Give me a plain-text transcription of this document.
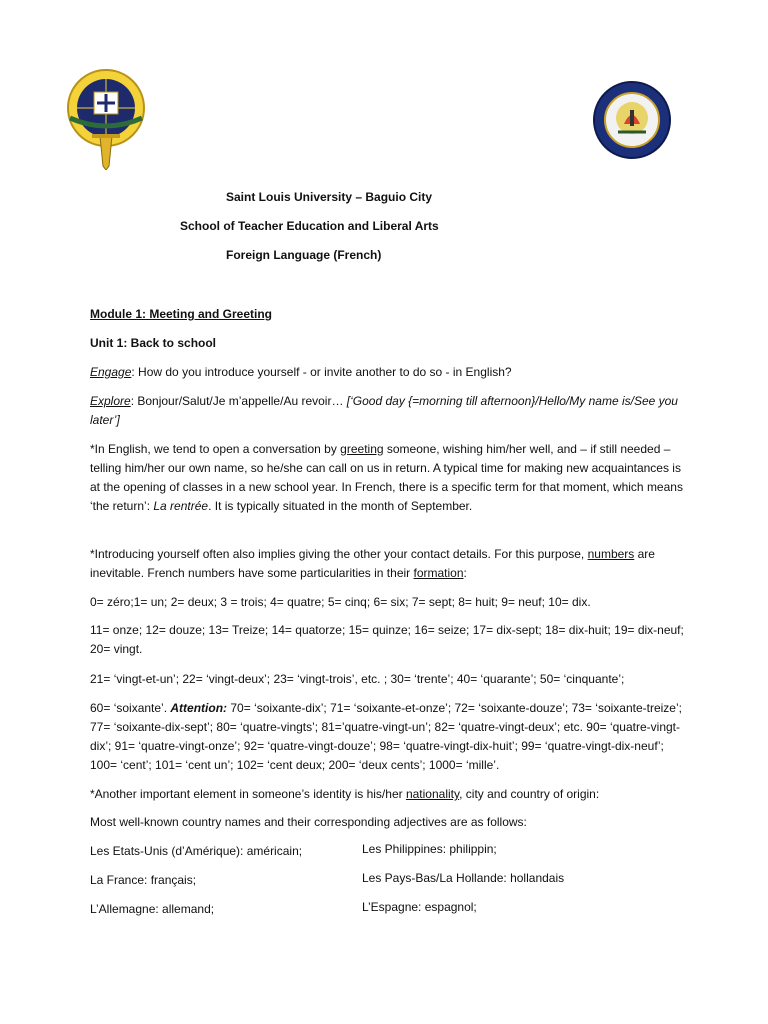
Saint Louis University – Baguio City
School of Teacher Education and Liberal Arts
Foreign Language (French)
Module 1: Meeting and Greeting
Unit 1: Back to school
Engage: How do you introduce yourself - or invite another to do so - in English?
Explore: Bonjour/Salut/Je m’appelle/Au revoir… [‘Good day {=morning till afternoon}/Hello/My name is/See you later’]
*In English, we tend to open a conversation by greeting someone, wishing him/her well, and – if still needed – telling him/her our own name, so he/she can call on us in return. A typical time for making new acquaintances is at the opening of classes in a new school year. In French, there is a specific term for that moment, which means ‘the return’: La rentrée. It is typically situated in the month of September.
*Introducing yourself often also implies giving the other your contact details. For this purpose, numbers are inevitable. French numbers have some particularities in their formation:
0= zéro;1= un; 2= deux; 3 = trois; 4= quatre; 5= cinq; 6= six; 7= sept; 8= huit; 9= neuf; 10= dix.
11= onze; 12= douze; 13= Treize; 14= quatorze; 15= quinze; 16= seize; 17= dix-sept; 18= dix-huit; 19= dix-neuf; 20= vingt.
21= ‘vingt-et-un’; 22= ‘vingt-deux’; 23= ‘vingt-trois’, etc. ; 30= ‘trente’; 40= ‘quarante’; 50= ‘cinquante’;
60= ‘soixante’. Attention: 70= ‘soixante-dix’; 71= ‘soixante-et-onze’; 72= ‘soixante-douze’; 73= ‘soixante-treize’; 77= ‘soixante-dix-sept’; 80= ‘quatre-vingts’; 81=’quatre-vingt-un’; 82= ‘quatre-vingt-deux’; etc. 90= ‘quatre-vingt-dix’; 91= ‘quatre-vingt-onze’; 92= ‘quatre-vingt-douze’; 98= ‘quatre-vingt-dix-huit’; 99= ‘quatre-vingt-dix-neuf’; 100= ‘cent’; 101= ‘cent un’; 102= ‘cent deux; 200= ‘deux cents’; 1000= ‘mille’.
*Another important element in someone’s identity is his/her nationality, city and country of origin:
Most well-known country names and their corresponding adjectives are as follows:
Les Etats-Unis (d’Amérique): américain;	Les Philippines: philippin;
La France: français;	Les Pays-Bas/La Hollande: hollandais
L’Allemagne: allemand;	L’Espagne: espagnol;
